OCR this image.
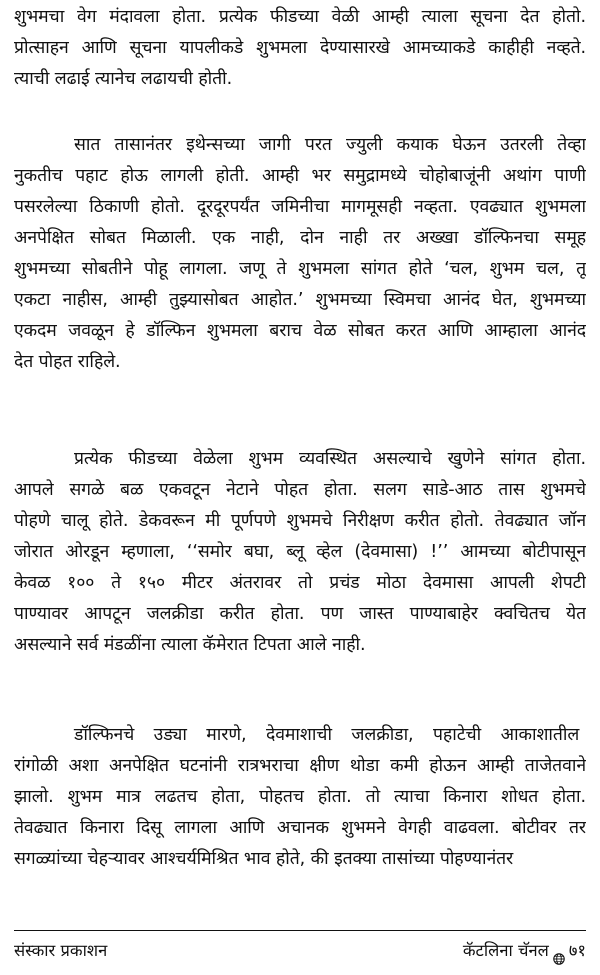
शुभमचा वेग मंदावला होता. प्रत्येक फीडच्या वेळी आम्ही त्याला सूचना देत होतो.
प्रोत्साहन आणि सूचना यापलीकडे शुभमला देण्यासारखे आमच्याकडे काहीही नव्हते.
त्याची लढाई त्यानेच लढायची होती.
सात तासानंतर इथेन्सच्या जागी परत ज्युली कयाक घेऊन उतरली तेव्हा
नुकतीच पहाट होऊ लागली होती. आम्ही भर समुद्रामध्ये चोहोबाजूंनी अथांग पाणी
पसरलेल्या ठिकाणी होतो. दूरदूरपर्यंत जमिनीचा मागमूसही नव्हता. एवढ्यात शुभमला
अनपेक्षित सोबत मिळाली. एक नाही, दोन नाही तर अख्खा डॉल्फिनचा समूह
शुभमच्या सोबतीने पोहू लागला. जणू ते शुभमला सांगत होते ‘चल, शुभम चल, तू
एकटा नाहीस, आम्ही तुझ्यासोबत आहोत.’ शुभमच्या स्विमचा आनंद घेत, शुभमच्या
एकदम जवळून हे डॉल्फिन शुभमला बराच वेळ सोबत करत आणि आम्हाला आनंद
देत पोहत राहिले.
प्रत्येक फीडच्या वेळेला शुभम व्यवस्थित असल्याचे खुणेने सांगत होता.
आपले सगळे बळ एकवटून नेटाने पोहत होता. सलग साडे-आठ तास शुभमचे
पोहणे चालू होते. डेकवरून मी पूर्णपणे शुभमचे निरीक्षण करीत होतो. तेवढ्यात जॉन
जोरात ओरडून म्हणाला, ‘‘समोर बघा, ब्लू व्हेल (देवमासा) !’’ आमच्या बोटीपासून
केवळ १०० ते १५० मीटर अंतरावर तो प्रचंड मोठा देवमासा आपली शेपटी
पाण्यावर आपटून जलक्रीडा करीत होता. पण जास्त पाण्याबाहेर क्वचितच येत
असल्याने सर्व मंडळींना त्याला कॅमेरात टिपता आले नाही.
डॉल्फिनचे उड्या मारणे, देवमाशाची जलक्रीडा, पहाटेची आकाशातील
रांगोळी अशा अनपेक्षित घटनांनी रात्रभराचा क्षीण थोडा कमी होऊन आम्ही ताजेतवाने
झालो. शुभम मात्र लढतच होता, पोहतच होता. तो त्याचा किनारा शोधत होता.
तेवढ्यात किनारा दिसू लागला आणि अचानक शुभमने वेगही वाढवला. बोटीवर तर
सगळ्यांच्या चेहऱ्यावर आश्चर्यमिश्रित भाव होते, की इतक्या तासांच्या पोहण्यानंतर
संस्कार प्रकाशन	कॅटलिना चॅनल ७१
